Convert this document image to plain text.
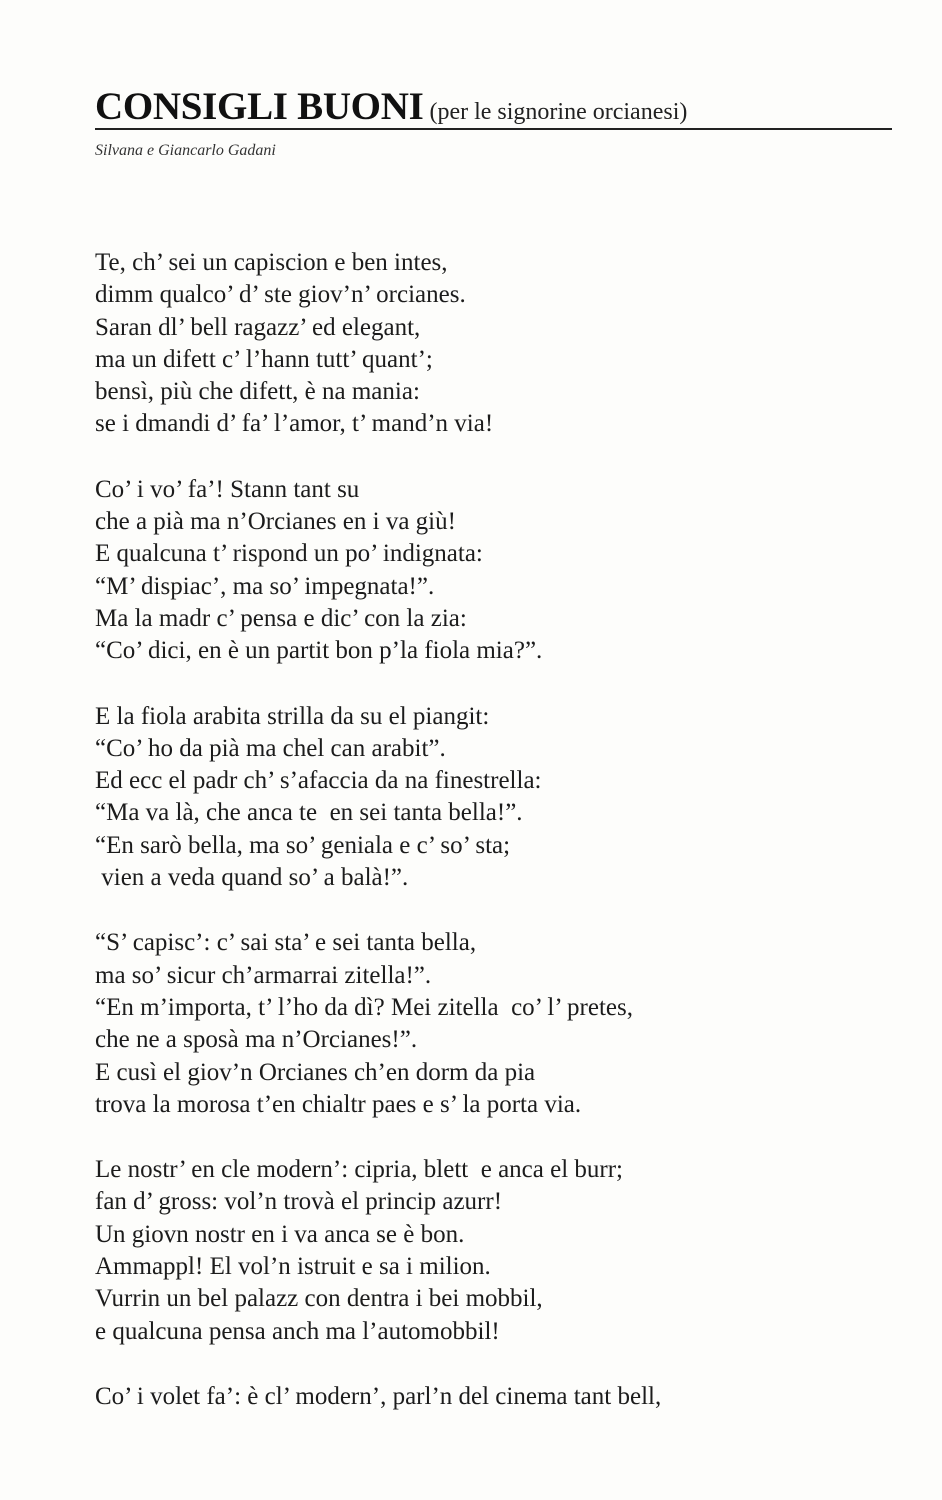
CONSIGLI BUONI (per le signorine orcianesi)
Silvana e Giancarlo Gadani
Te, ch’ sei un capiscion e ben intes,
dimm qualco’ d’ ste giov’n’ orcianes.
Saran dl’ bell ragazz’ ed elegant,
ma un difett c’ l’hann tutt’ quant’;
bensì, più che difett, è na mania:
se i dmandi d’ fa’ l’amor, t’ mand’n via!
Co’ i vo’ fa’! Stann tant su
che a pià ma n’Orcianes en i va giù!
E qualcuna t’ rispond un po’ indignata:
“M’ dispiac’, ma so’ impegnata!”.
Ma la madr c’ pensa e dic’ con la zia:
“Co’ dici, en è un partit bon p’la fiola mia?”.
E la fiola arabita strilla da su el piangit:
“Co’ ho da pià ma chel can arabit”.
Ed ecc el padr ch’ s’afaccia da na finestrella:
“Ma va là, che anca te  en sei tanta bella!”.
“En sarò bella, ma so’ geniala e c’ so’ sta;
vien a veda quand so’ a balà!”.
“S’ capisc’: c’ sai sta’ e sei tanta bella,
ma so’ sicur ch’armarrai zitella!”.
“En m’importa, t’ l’ho da dì? Mei zitella  co’ l’ pretes,
che ne a sposà ma n’Orcianes!”.
E cusì el giov’n Orcianes ch’en dorm da pia
trova la morosa t’en chialtr paes e s’ la porta via.
Le nostr’ en cle modern’: cipria, blett  e anca el burr;
fan d’ gross: vol’n trovà el princip azurr!
Un giovn nostr en i va anca se è bon.
Ammappl! El vol’n istruit e sa i milion.
Vurrin un bel palazz con dentra i bei mobbil,
e qualcuna pensa anch ma l’automobbil!
Co’ i volet fa’: è cl’ modern’, parl’n del cinema tant bell,
